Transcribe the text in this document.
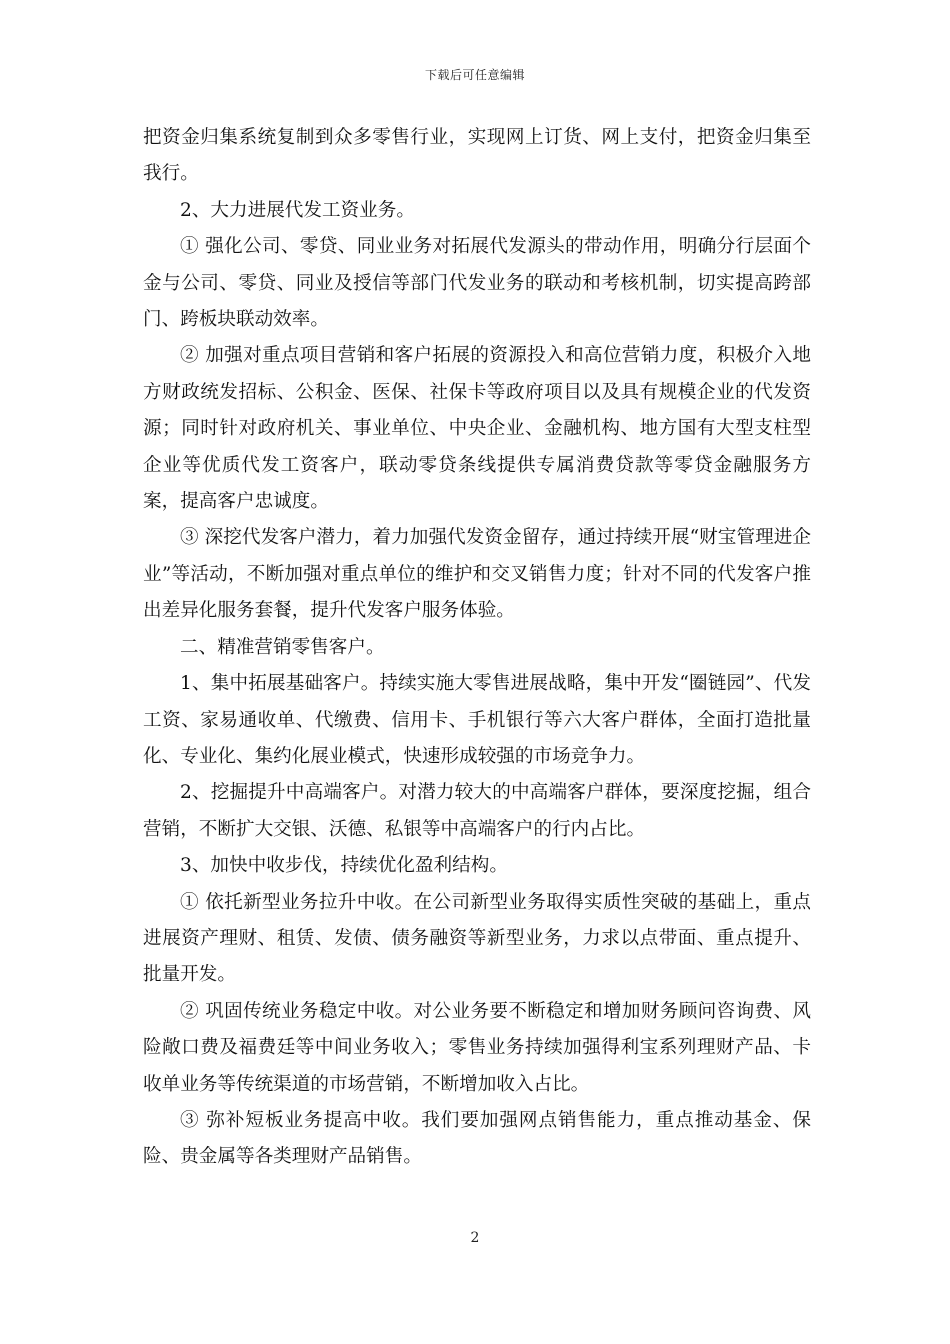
下载后可任意编辑

把资金归集系统复制到众多零售行业，实现网上订货、网上支付，把资金归集至我行。

2、大力进展代发工资业务。

① 强化公司、零贷、同业业务对拓展代发源头的带动作用，明确分行层面个金与公司、零贷、同业及授信等部门代发业务的联动和考核机制，切实提高跨部门、跨板块联动效率。

② 加强对重点项目营销和客户拓展的资源投入和高位营销力度，积极介入地方财政统发招标、公积金、医保、社保卡等政府项目以及具有规模企业的代发资源；同时针对政府机关、事业单位、中央企业、金融机构、地方国有大型支柱型企业等优质代发工资客户，联动零贷条线提供专属消费贷款等零贷金融服务方案，提高客户忠诚度。

③ 深挖代发客户潜力，着力加强代发资金留存，通过持续开展“财宝管理进企业”等活动，不断加强对重点单位的维护和交叉销售力度；针对不同的代发客户推出差异化服务套餐，提升代发客户服务体验。

二、精准营销零售客户。

1、集中拓展基础客户。持续实施大零售进展战略，集中开发“圈链园”、代发工资、家易通收单、代缴费、信用卡、手机银行等六大客户群体，全面打造批量化、专业化、集约化展业模式，快速形成较强的市场竞争力。

2、挖掘提升中高端客户。对潜力较大的中高端客户群体，要深度挖掘，组合营销，不断扩大交银、沃德、私银等中高端客户的行内占比。

3、加快中收步伐，持续优化盈利结构。

① 依托新型业务拉升中收。在公司新型业务取得实质性突破的基础上，重点进展资产理财、租赁、发债、债务融资等新型业务，力求以点带面、重点提升、批量开发。

② 巩固传统业务稳定中收。对公业务要不断稳定和增加财务顾问咨询费、风险敞口费及福费廷等中间业务收入；零售业务持续加强得利宝系列理财产品、卡收单业务等传统渠道的市场营销，不断增加收入占比。

③ 弥补短板业务提高中收。我们要加强网点销售能力，重点推动基金、保险、贵金属等各类理财产品销售。

2
